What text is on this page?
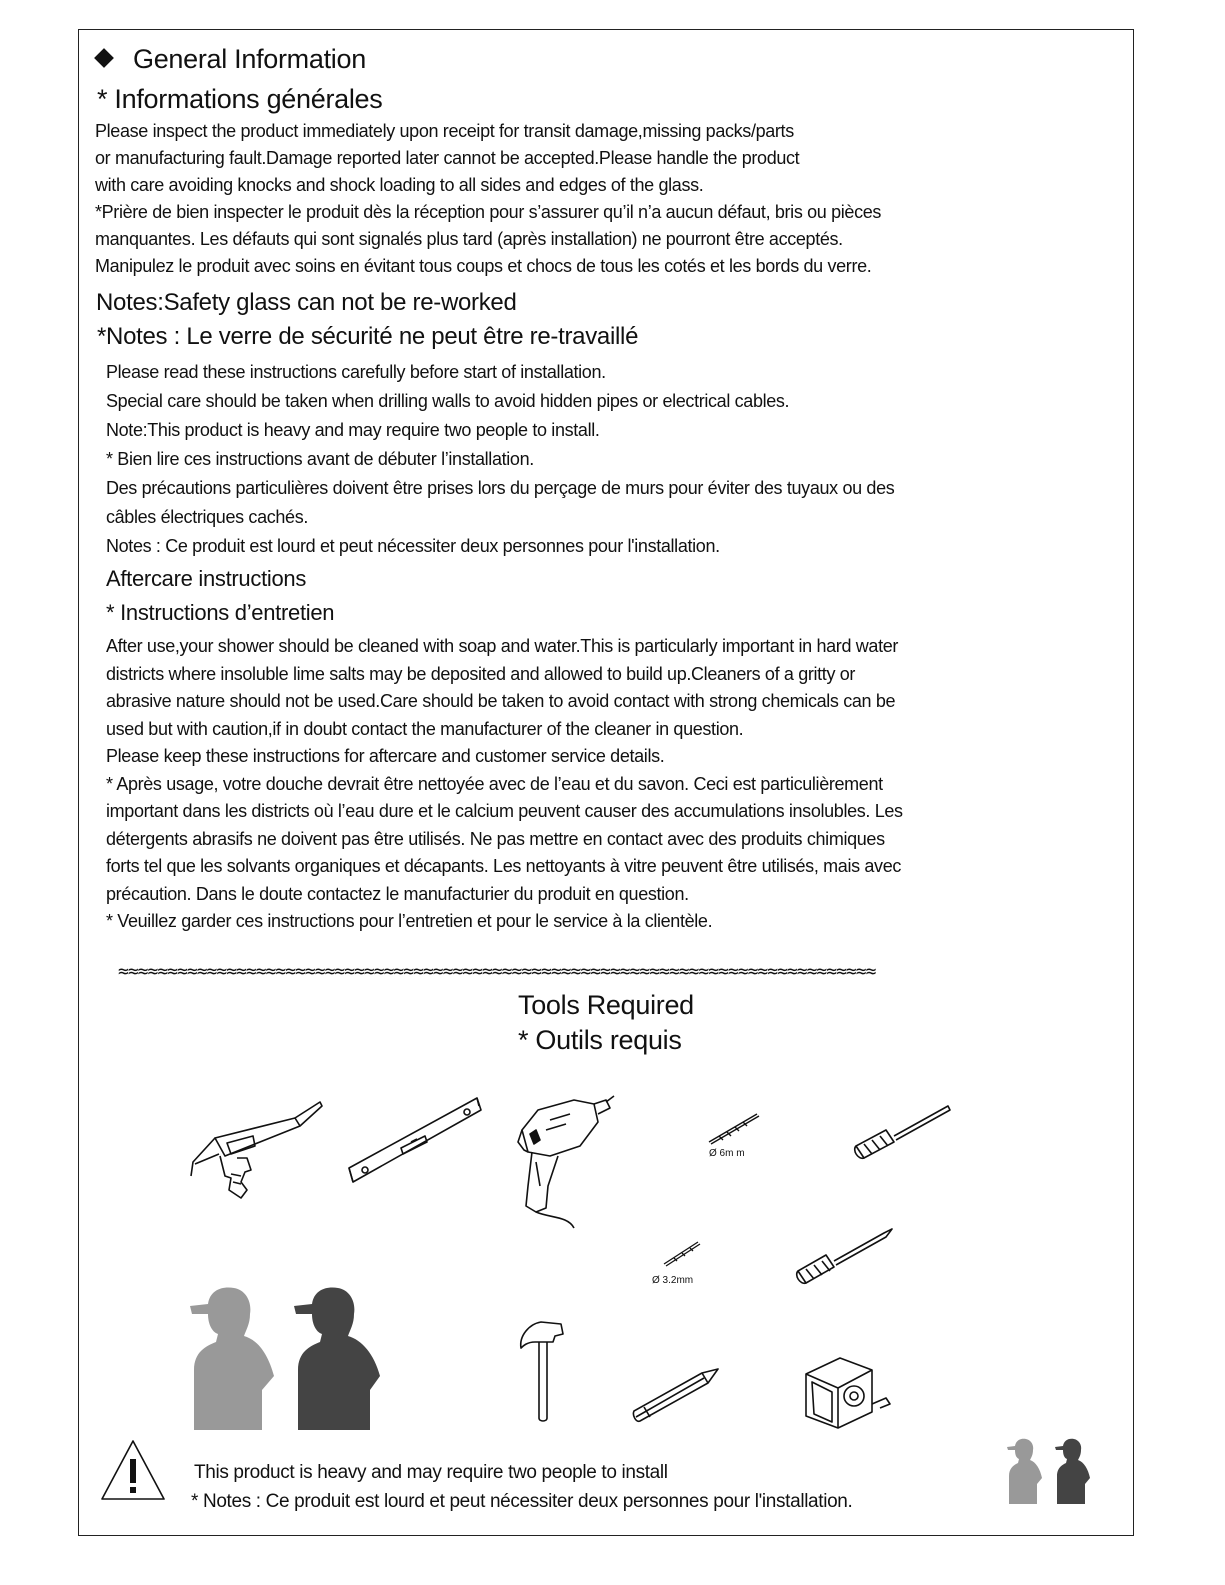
General Information
* Informations générales
Please inspect the product immediately upon receipt for transit damage,missing packs/parts
or manufacturing fault.Damage reported later cannot be accepted.Please handle the product
with care avoiding knocks and shock loading to all sides and edges of the glass.
*Prière de bien inspecter le produit dès la réception pour s’assurer qu’il n’a aucun défaut, bris ou pièces
manquantes. Les défauts qui sont signalés plus tard (après installation) ne pourront être acceptés.
Manipulez le produit avec soins en évitant tous coups et chocs de tous les cotés et les bords du verre.
Notes:Safety glass can not be re-worked
*Notes : Le verre de sécurité ne peut être re-travaillé
Please read these instructions carefully before start of installation.
Special care should be taken when drilling walls to avoid hidden pipes or electrical cables.
Note:This product is heavy and may require two people to install.
* Bien lire ces instructions avant de débuter l’installation.
Des précautions particulières doivent être prises lors du perçage de murs pour éviter des tuyaux ou des
câbles électriques cachés.
Notes : Ce produit est lourd et peut nécessiter deux personnes pour l'installation.
Aftercare instructions
* Instructions d’entretien
After use,your shower should be cleaned with soap and water.This is particularly important in hard water
districts where insoluble lime salts may be deposited and allowed to build up.Cleaners of a gritty or
abrasive nature should not be used.Care should be taken to avoid contact with strong chemicals can be
used but with caution,if in doubt contact the manufacturer of the cleaner in question.
Please keep these instructions for aftercare and customer service details.
* Après usage, votre douche devrait être nettoyée avec de l’eau et du savon. Ceci est particulièrement
important dans les districts où l’eau dure et le calcium peuvent causer des accumulations insolubles. Les
détergents abrasifs ne doivent pas être utilisés. Ne pas mettre en contact avec des produits chimiques
forts tel que les solvants organiques et décapants. Les nettoyants à vitre peuvent être utilisés, mais avec
précaution. Dans le doute contactez le manufacturier du produit en question.
* Veuillez garder ces instructions pour l’entretien et pour le service à la clientèle.
≈≈≈≈≈≈≈≈≈≈≈≈≈≈≈≈≈≈≈≈≈≈≈≈≈≈≈≈≈≈≈≈≈≈≈≈≈≈≈≈≈≈≈≈≈≈≈≈≈≈≈≈≈≈≈≈≈≈≈≈≈≈≈≈≈≈≈≈≈≈≈≈≈≈≈≈≈
Tools Required
* Outils requis
Ø 6m m
Ø 3.2mm
This product is heavy and may require two people to install
* Notes : Ce produit est lourd et peut nécessiter deux personnes pour l'installation.
